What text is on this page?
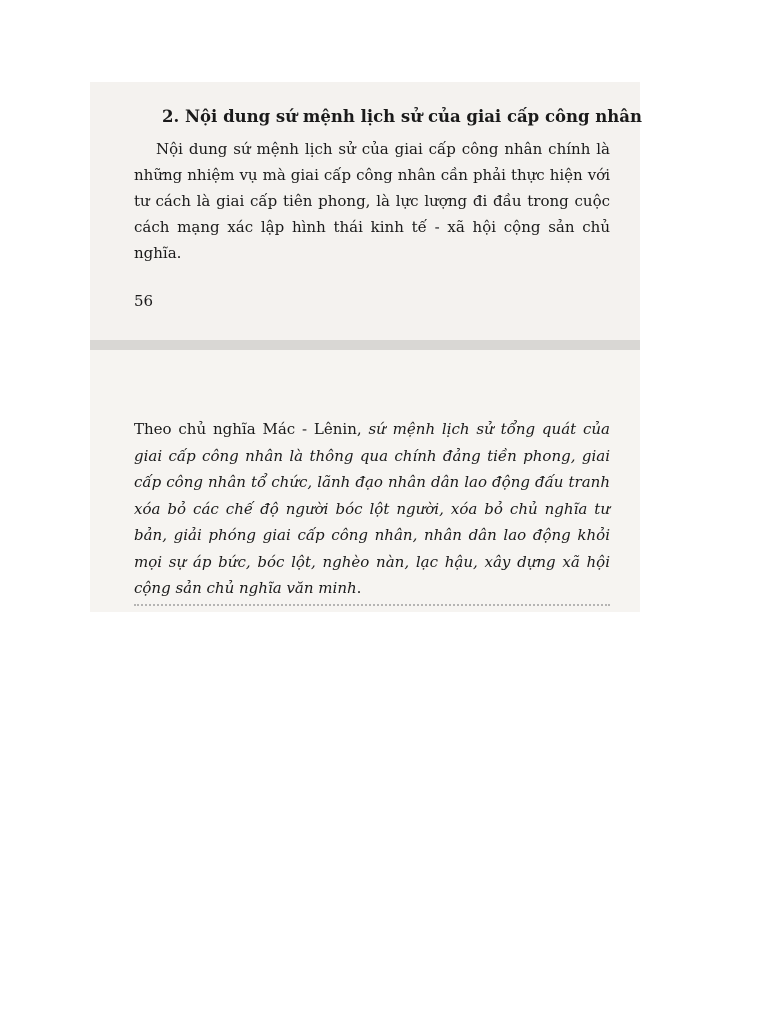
2. Nội dung sứ mệnh lịch sử của giai cấp công nhân

Nội dung sứ mệnh lịch sử của giai cấp công nhân chính là những nhiệm vụ mà giai cấp công nhân cần phải thực hiện với tư cách là giai cấp tiên phong, là lực lượng đi đầu trong cuộc cách mạng xác lập hình thái kinh tế - xã hội cộng sản chủ nghĩa.

56

Theo chủ nghĩa Mác - Lênin, sứ mệnh lịch sử tổng quát của giai cấp công nhân là thông qua chính đảng tiền phong, giai cấp công nhân tổ chức, lãnh đạo nhân dân lao động đấu tranh xóa bỏ các chế độ người bóc lột người, xóa bỏ chủ nghĩa tư bản, giải phóng giai cấp công nhân, nhân dân lao động khỏi mọi sự áp bức, bóc lột, nghèo nàn, lạc hậu, xây dựng xã hội cộng sản chủ nghĩa văn minh.
